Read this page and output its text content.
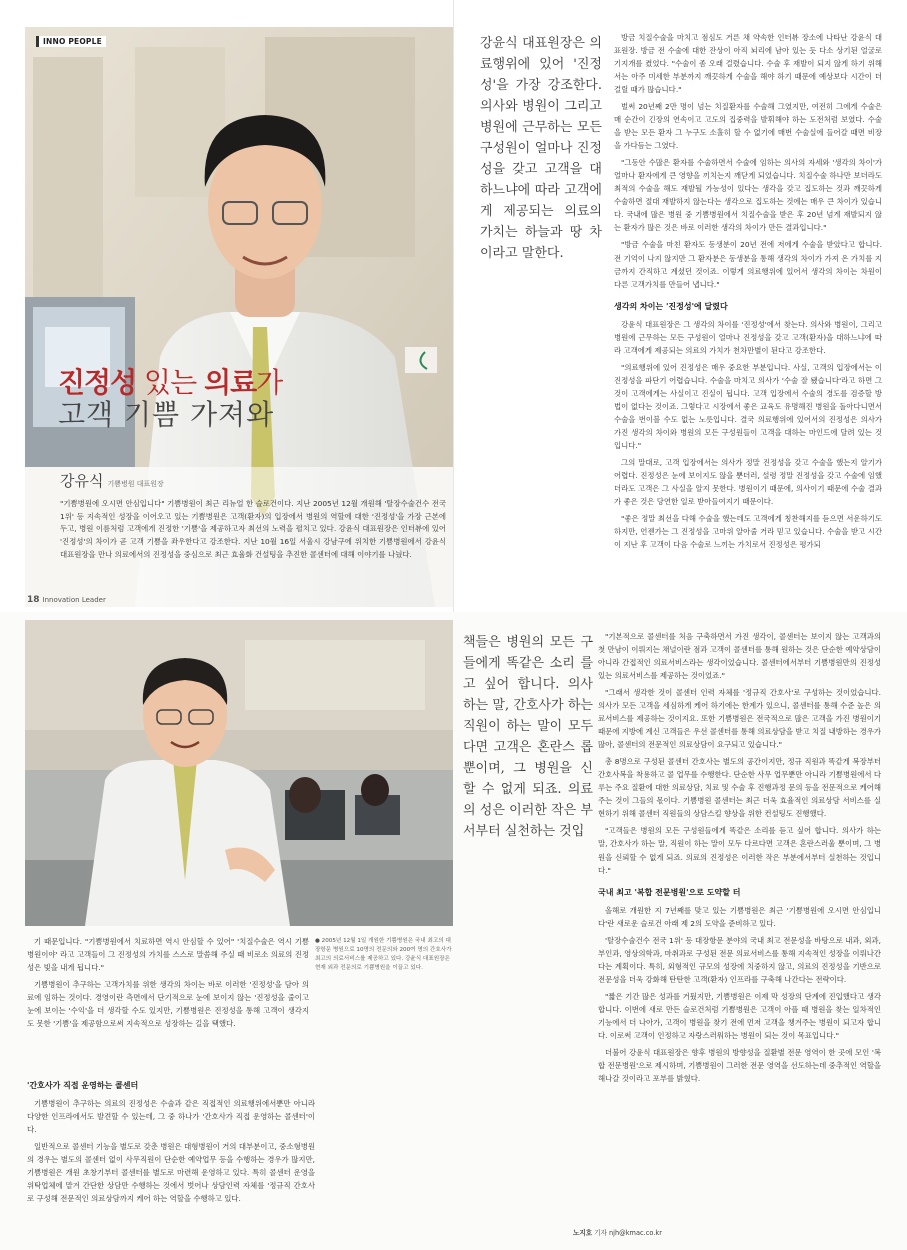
INNO PEOPLE
진정성 있는 의료가
고객 기쁨 가져와
강유식 기쁨병원 대표원장
"기쁨병원에 오시면 안심입니다" 기쁨병원이 최근 리뉴얼 한 슬로건이다. 지난 2005년 12월 개원해 '탈장수술건수 전국 1위' 등 지속적인 성장을 이어오고 있는 기쁨병원은 고객(환자)의 입장에서 병원의 역할에 대한 '진정성'을 가장 근본에 두고, 병원 이름처럼 고객에게 진정한 '기쁨'을 제공하고자 최선의 노력을 펼치고 있다. 강윤식 대표원장은 인터뷰에 있어 '진정성'의 차이가 곧 고객 기쁨을 좌우한다고 강조한다. 지난 10월 16일 서울시 강남구에 위치한 기쁨병원에서 강윤식 대표원장을 만나 의료에서의 진정성을 중심으로 최근 효율화 건설팅을 추진한 콜센터에 대해 이야기를 나눴다.
18 Innovation Leader
강윤식 대표원장은 의료행위에 있어 '진정성'을 가장 강조한다. 의사와 병원이 그리고 병원에 근무하는 모든 구성원이 얼마나 진정성을 갖고 고객을 대하느냐에 따라 고객에게 제공되는 의료의 가치는 하늘과 땅 차이라고 말한다.

방금 치질수술을 마치고 점심도 거른 채 약속한 인터뷰 장소에 나타난 강윤식 대표원장. 방금 전 수술에 대한 잔상이 아직 뇌리에 남아 있는 듯 다소 상기된 얼굴로 기지개를 켰었다. "수술이 좀 오래 걸렸습니다. 수술 후 재발이 되지 않게 하기 위해서는 아주 미세한 부분까지 깨끗하게 수술을 해야 하기 때문에 예상보다 시간이 더 걸릴 때가 많습니다."

벌써 20년째 2만 명이 넘는 치질환자를 수술해 그였지만, 여전히 그에게 수술은 매 순간이 긴장의 연속이고 고도의 집중력을 발휘해야 하는 도전처럼 보였다. 수술을 받는 모든 환자 그 누구도 소홀히 할 수 없기에 매번 수술실에 들어갈 때면 비장을 가다듬는 그였다.

"그동안 수많은 환자를 수술하면서 수술에 임하는 의사의 자세와 '생각의 차이'가 얼마나 환자에게 큰 영향을 끼치는지 깨닫게 되었습니다. 치질수술 하나만 보더라도 최적의 수술을 해도 재발될 가능성이 있다는 생각을 갖고 집도하는 것과 깨끗하게 수술하면 절대 재발하지 않는다는 생각으로 집도하는 것에는 매우 큰 차이가 있습니다. 국내에 많은 병원 중 기쁨병원에서 치질수술을 받은 후 20년 넘게 재발되지 않는 환자가 많은 것은 바로 이러한 생각의 차이가 만든 결과입니다."

"방금 수술을 마친 환자도 동생분이 20년 전에 저에게 수술을 받았다고 합니다. 전 기억이 나지 않지만 그 환자분은 동생분을 통해 생각의 차이가 가져 온 가치를 지금까지 간직하고 계셨던 것이죠. 이렇게 의료행위에 있어서 생각의 차이는 차원이 다른 고객가치를 만들어 냅니다."

생각의 차이는 '진정성'에 달렸다

강윤식 대표원장은 그 생각의 차이를 '진정성'에서 찾는다. 의사와 병원이, 그리고 병원에 근무하는 모든 구성원이 얼마나 진정성을 갖고 고객(환자)을 대하느냐에 따라 고객에게 제공되는 의료의 가치가 천차만별이 된다고 강조한다.

"의료행위에 있어 진정성은 매우 중요한 부분입니다. 사실, 고객의 입장에서는 이 진정성을 파단기 어렵습니다. 수술을 마치고 의사가 '수술 잘 됐습니다'라고 하면 그것이 고객에게는 사실이고 진실이 됩니다. 고객 입장에서 수술의 경도를 검증할 방법이 없다는 것이죠. 그렇다고 시장에서 좋은 교육도 유명해진 병원을 돌아다니면서 수술을 번이블 수도 없는 노릇입니다. 결국 의료행위에 있어서의 진정성은 의사가 가진 생각의 차이와 병원의 모든 구성원들이 고객을 대하는 마인드에 달려 있는 것입니다."

그의 말대로, 고객 입장에서는 의사가 정말 진정성을 갖고 수술을 했는지 알기가 어렵다. 진정성은 눈에 보이지도 않을 뿐더러, 설령 정말 진정성을 갖고 수술에 임했더라도 고객은 그 사실을 알지 못한다. 병원이기 때문에, 의사이기 때문에 수술 결과가 좋은 것은 당연한 일로 받아들여지기 때문이다.

"좋은 정말 최선을 다해 수술을 했는데도 고객에게 칭찬해지를 듣으면 서운하기도 하지만, 언젠가는 그 진정성을 고마위 알아줄 거라 믿고 있습니다. 수술을 받고 시간이 지난 후 고객이 다음 수술로 느끼는 가치로서 진정성은 평가되

책들은 병원의 모든 구 들에게 똑같은 소리 를고 싶어 합니다. 의사 하는 말, 간호사가 하는 직원이 하는 말이 모두 다면 고객은 혼란스 롭뿐이며, 그 병원을 신 할 수 없게 되죠. 의료의 성은 이러한 작은 부 서부터 실천하는 것입

기 때문입니다. "기쁨병원에서 치료하면 역시 안심할 수 있어" '치질수술은 역시 기쁨병원이야' 라고 고객들이 그 진정성의 가치를 스스로 말씀해 주실 때 비로소 의료의 진정성은 빛을 내게 됩니다."

기쁨병원이 추구하는 고객가치를 위한 생각의 차이는 바로 이러한 '진정성'을 담아 의료에 임하는 것이다. 경영이란 측면에서 단기적으로 눈에 보이지 않는 '진정성을 줄이고 눈에 보이는 '수익'을 더 생각할 수도 있지만, 기쁨병원은 진정성을 통해 고객이 생각지도 못한 '기쁨'을 제공함으로써 지속적으로 성장하는 길을 택했다.

● 2005년 12월 1일 개원한 기쁨병원은 국내 최고의 대장항문 병원으로 10명의 전문의와 200여 명의 간호사가 최고의 의료서비스를 제공하고 있다. 강윤식 대표원장은 현재 외과 전문의로 기쁨병원을 이끌고 있다.
'간호사가 직접 운영하는 콜센터

기쁨병원이 추구하는 의료의 진정성은 수술과 같은 직접적인 의료행위에서뿐만 아니라 다양한 인프라에서도 발견할 수 있는데, 그 중 하나가 '간호사가 직접 운영하는 콜센터'이다.

일반적으로 콜센터 기능을 별도로 갖춘 병원은 대형병원이 거의 대부분이고, 중소형병원의 경우는 별도의 콜센터 없이 사무직원이 단순한 예약업무 등을 수행하는 경우가 많지만, 기쁨병원은 개원 초창기부터 콜센터를 별도로 마련해 운영하고 있다. 특히 콜센터 운영을 위탁업체에 맡겨 간단한 상담만 수행하는 것에서 벗어나 상담인력 자체를 '정규직 간호사로 구성해 전문적인 의료상담까지 케어 하는 역할을 수행하고 있다.

"기본적으로 콜센터를 처음 구축하면서 가진 생각이, 콜센터는 보이지 않는 고객과의 첫 만남이 이뤄지는 채널이란 점과 고객이 콜센터를 통해 원하는 것은 단순한 예약상담이 아니라 간접적인 의료서비스라는 생각이었습니다. 콜센터에서부터 기쁨병원만의 진정성 있는 의료서비스를 제공하는 것이었죠."

"그래서 생각한 것이 콜센터 인력 자체를 '정규직 간호사'로 구성하는 것이었습니다. 의사가 모든 고객을 세심하게 케어 하기에는 한계가 있으니, 콜센터를 통해 수준 높은 의료서비스를 제공하는 것이지요. 또한 기쁨병원은 전국적으로 많은 고객을 가진 병원이기 때문에 지방에 계신 고객들은 우선 콜센터를 통해 의료상담을 받고 치질 내방하는 경우가 많아, 콜센터의 전문적인 의료상담이 요구되고 있습니다."

총 8명으로 구성된 콜센터 간호사는 별도의 공간이지만, 정규 직원과 똑같게 복장부터 간호사복을 착용하고 콜 업무를 수행한다. 단순한 사무 업무뿐만 아니라 기쁨병원에서 다루는 주요 질환에 대한 의료상담, 치료 및 수술 후 진행과정 문의 등을 전문적으로 케어해 주는 것이 그들의 몫이다. 기쁨병원 콜센터는 최근 더욱 효율적인 의료상담 서비스를 실현하기 위해 콜센터 직원들의 상담스킬 향상을 위한 컨설팅도 진행했다.

"고객들은 병원의 모든 구성원들에게 똑같은 소리를 듣고 싶어 합니다. 의사가 하는 말, 간호사가 하는 말, 직원이 하는 말이 모두 다르다면 고객은 혼란스러울 뿐이며, 그 병원을 신뢰할 수 없게 되죠. 의료의 진정성은 이러한 작은 부분에서부터 실천하는 것입니다."

국내 최고 '복합 전문병원'으로 도약할 터

올해로 개원한 지 7년째를 맞고 있는 기쁨병원은 최근 '기쁨병원에 오시면 안심입니다'란 새로운 슬로건 아래 제 2의 도약을 준비하고 있다.

'탈장수술건수 전국 1위' 등 대장항문 분야의 국내 최고 전문성을 바탕으로 내과, 외과, 부인과, 영상의학과, 마취과로 구성된 전문 의료서비스를 통해 지속적인 성장을 이뤄나간다는 계획이다. 특히, 외형적인 규모의 성장에 치중하지 않고, 의료의 진정성을 기반으로 전문성을 더욱 강화해 탄탄한 고객(환자) 인프라를 구축해 나간다는 전략이다.

"짧은 기간 많은 성과를 거뒀지만, 기쁨병원은 이제 막 성장의 단계에 진입했다고 생각합니다. 이번에 새로 만든 슬로건처럼 기쁨병원은 고객이 아플 때 병원을 찾는 일차적인 기능에서 더 나아가, 고객이 병원을 찾기 전에 먼저 고객을 챙겨주는 병원이 되고자 합니다. 이로써 고객이 인정하고 자랑스러워하는 병원이 되는 것이 목표입니다."

더불어 강윤식 대표원장은 향후 병원의 방향성을 질환별 전문 영역이 한 곳에 모인 '복합 전문병원'으로 제시하며, 기쁨병원이 그러한 전문 영역을 선도하는데 중추적인 역할을 해나갈 것이라고 포부를 밝혔다.

노지호 기자 njh@kmac.co.kr
